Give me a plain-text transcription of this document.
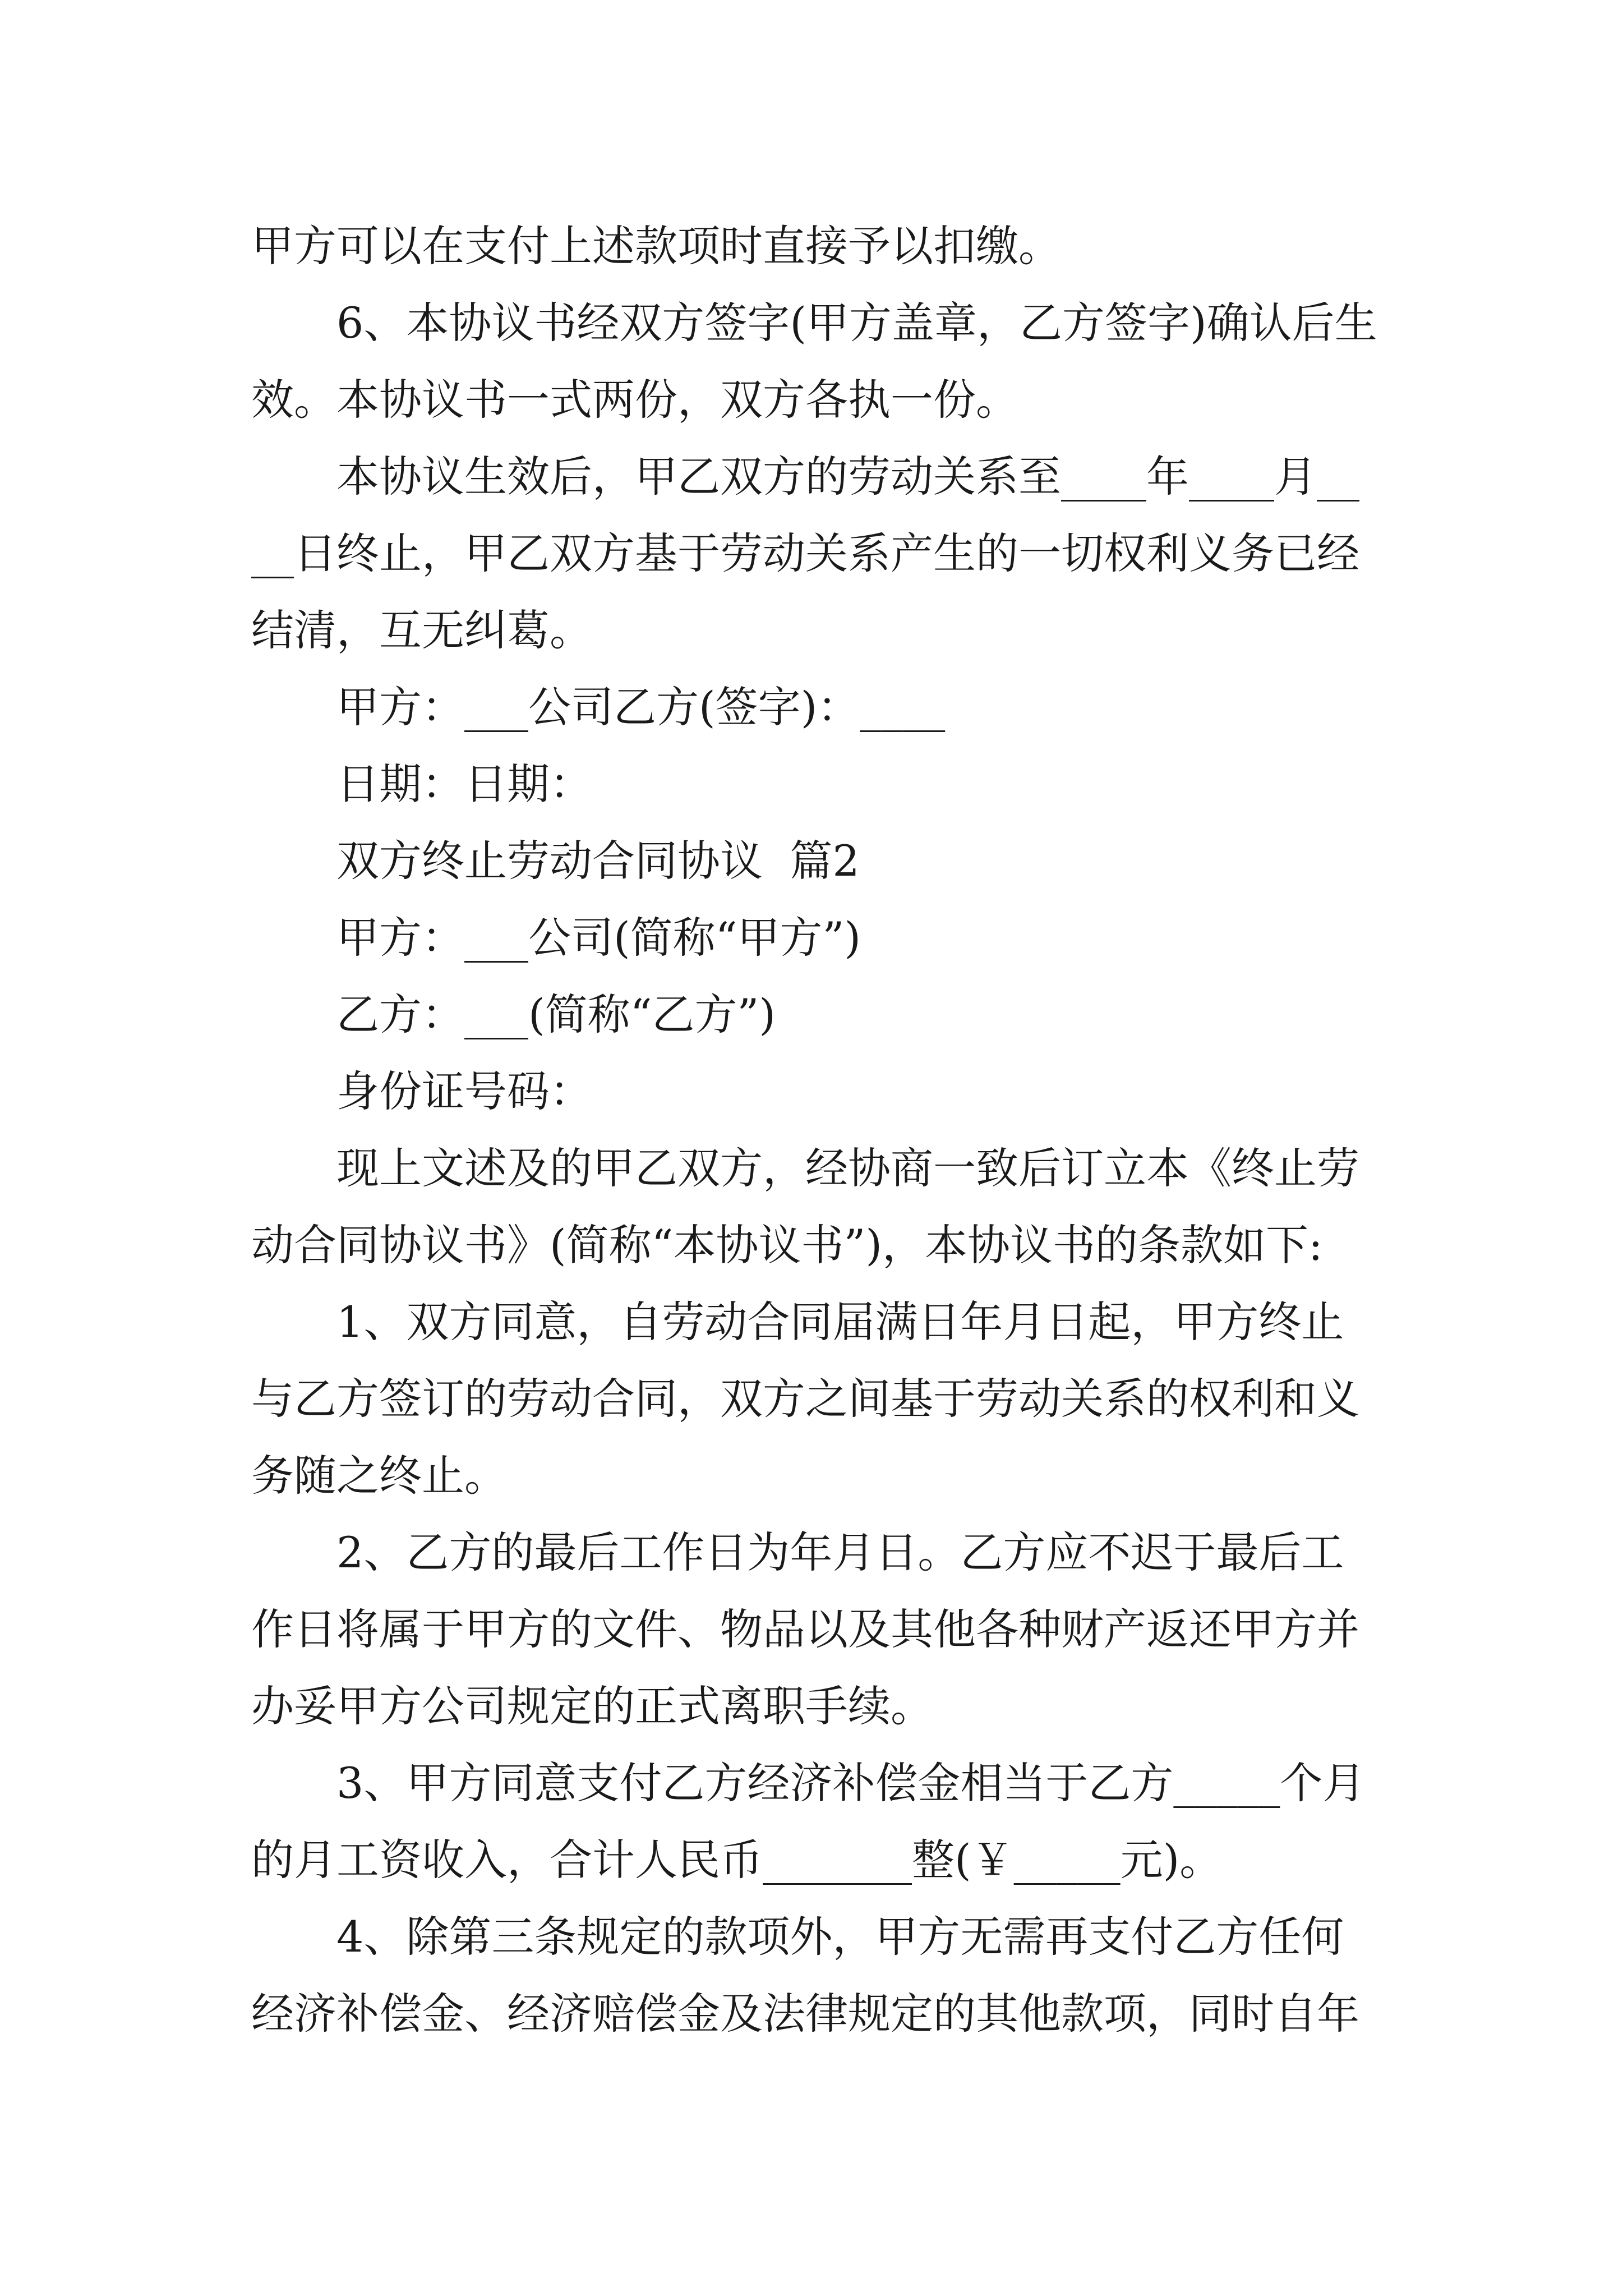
甲方可以在支付上述款项时直接予以扣缴。

6、本协议书经双方签字(甲方盖章，乙方签字)确认后生效。本协议书一式两份，双方各执一份。

本协议生效后，甲乙双方的劳动关系至____年____月____日终止，甲乙双方基于劳动关系产生的一切权利义务已经结清，互无纠葛。

甲方：___公司乙方(签字)：____

日期：日期：

双方终止劳动合同协议  篇2

甲方：___公司(简称“甲方”)

乙方：___(简称“乙方”)

身份证号码：

现上文述及的甲乙双方，经协商一致后订立本《终止劳动合同协议书》(简称“本协议书”)，本协议书的条款如下:

1、双方同意，自劳动合同届满日年月日起，甲方终止与乙方签订的劳动合同，双方之间基于劳动关系的权利和义务随之终止。

2、乙方的最后工作日为年月日。乙方应不迟于最后工作日将属于甲方的文件、物品以及其他各种财产返还甲方并办妥甲方公司规定的正式离职手续。

3、甲方同意支付乙方经济补偿金相当于乙方_____个月的月工资收入，合计人民币_______整(￥_____元)。

4、除第三条规定的款项外，甲方无需再支付乙方任何经济补偿金、经济赔偿金及法律规定的其他款项，同时自年
